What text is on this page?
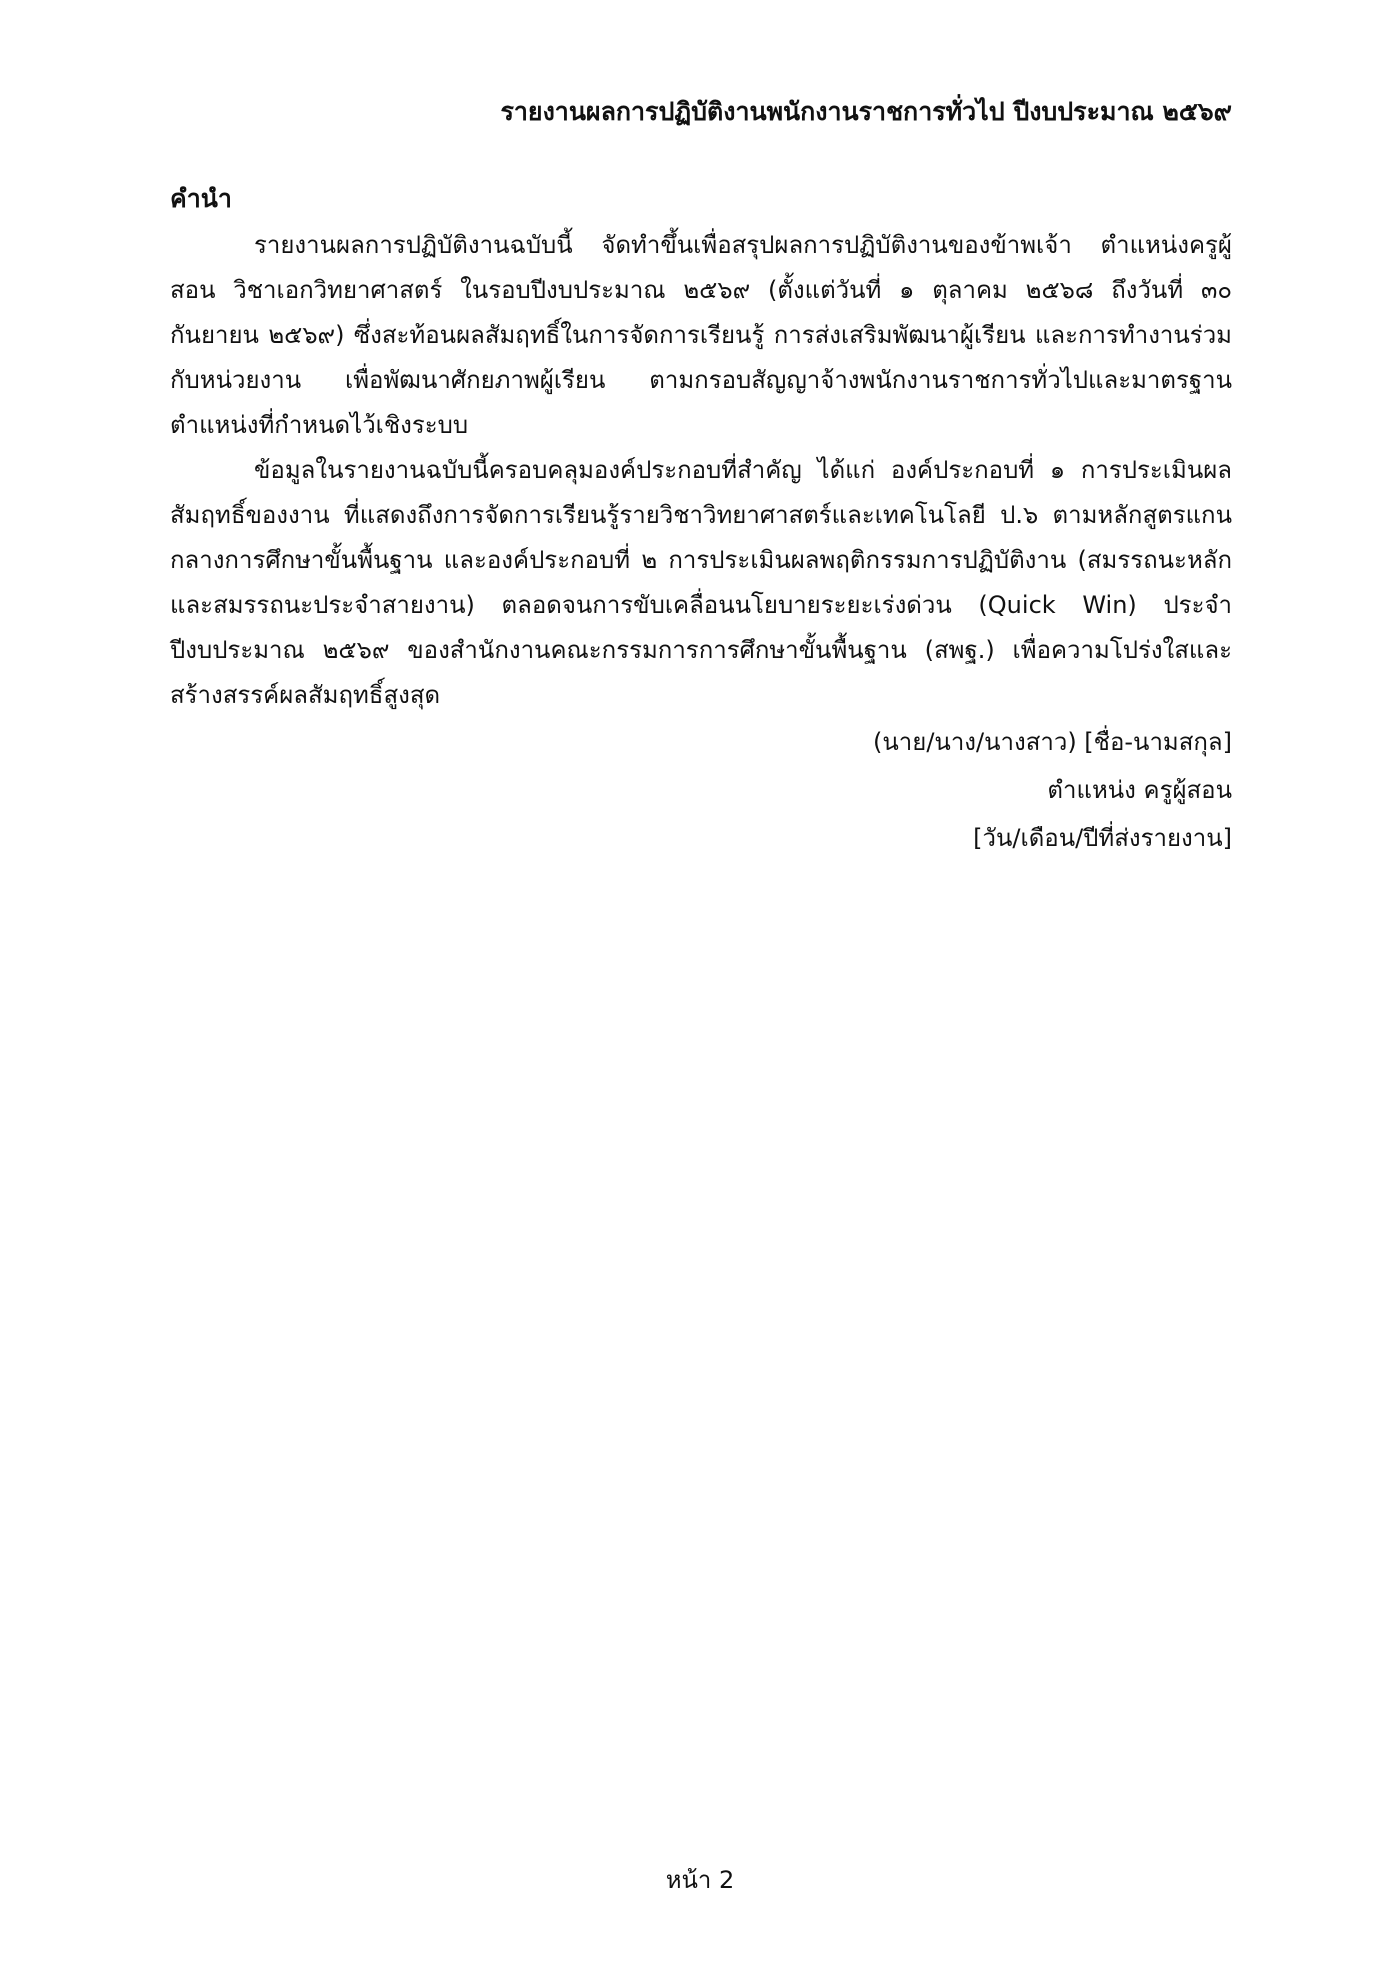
รายงานผลการปฏิบัติงานพนักงานราชการทั่วไป ปีงบประมาณ ๒๕๖๙
คำนำ

รายงานผลการปฏิบัติงานฉบับนี้ จัดทำขึ้นเพื่อสรุปผลการปฏิบัติงานของข้าพเจ้า ตำแหน่งครูผู้สอน วิชาเอกวิทยาศาสตร์ ในรอบปีงบประมาณ ๒๕๖๙ (ตั้งแต่วันที่ ๑ ตุลาคม ๒๕๖๘ ถึงวันที่ ๓๐ กันยายน ๒๕๖๙) ซึ่งสะท้อนผลสัมฤทธิ์ในการจัดการเรียนรู้ การส่งเสริมพัฒนาผู้เรียน และการทำงานร่วมกับหน่วยงาน เพื่อพัฒนาศักยภาพผู้เรียน ตามกรอบสัญญาจ้างพนักงานราชการทั่วไปและมาตรฐานตำแหน่งที่กำหนดไว้เชิงระบบ

ข้อมูลในรายงานฉบับนี้ครอบคลุมองค์ประกอบที่สำคัญ ได้แก่ องค์ประกอบที่ ๑ การประเมินผลสัมฤทธิ์ของงาน ที่แสดงถึงการจัดการเรียนรู้รายวิชาวิทยาศาสตร์และเทคโนโลยี ป.๖ ตามหลักสูตรแกนกลางการศึกษาขั้นพื้นฐาน และองค์ประกอบที่ ๒ การประเมินผลพฤติกรรมการปฏิบัติงาน (สมรรถนะหลักและสมรรถนะประจำสายงาน) ตลอดจนการขับเคลื่อนนโยบายระยะเร่งด่วน (Quick Win) ประจำปีงบประมาณ ๒๕๖๙ ของสำนักงานคณะกรรมการการศึกษาขั้นพื้นฐาน (สพฐ.) เพื่อความโปร่งใสและสร้างสรรค์ผลสัมฤทธิ์สูงสุด

(นาย/นาง/นางสาว) [ชื่อ-นามสกุล]
ตำแหน่ง ครูผู้สอน
[วัน/เดือน/ปีที่ส่งรายงาน]
หน้า 2
